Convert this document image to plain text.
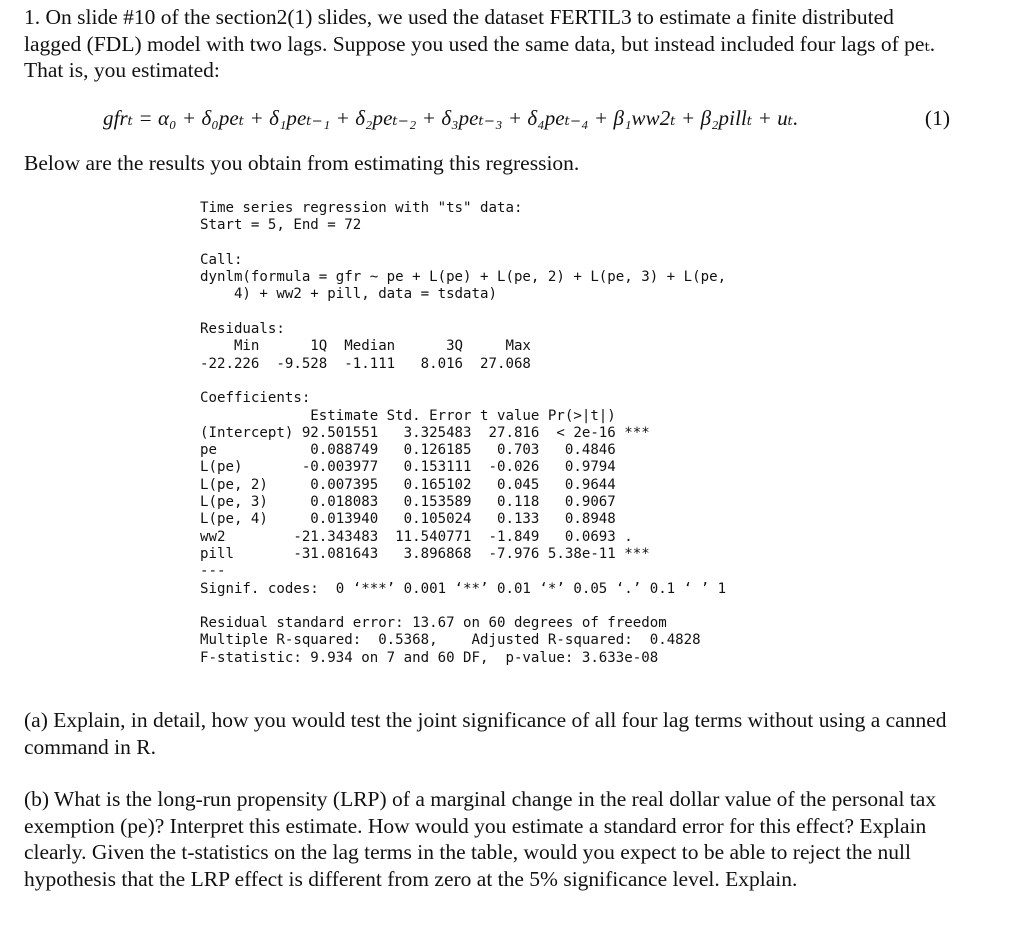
1. On slide #10 of the section2(1) slides, we used the dataset FERTIL3 to estimate a finite distributed lagged (FDL) model with two lags. Suppose you used the same data, but instead included four lags of peₜ. That is, you estimated:

gfrₜ = α₀ + δ₀peₜ + δ₁peₜ₋₁ + δ₂peₜ₋₂ + δ₃peₜ₋₃ + δ₄peₜ₋₄ + β₁ww2ₜ + β₂pillₜ + uₜ.	(1)

Below are the results you obtain from estimating this regression.

Time series regression with "ts" data:
Start = 5, End = 72
Call:
dynlm(formula = gfr ~ pe + L(pe) + L(pe, 2) + L(pe, 3) + L(pe,
4) + ww2 + pill, data = tsdata)
Residuals:
Min      1Q  Median      3Q     Max
-22.226  -9.528  -1.111   8.016  27.068
Coefficients:
Estimate Std. Error t value Pr(>|t|)
(Intercept) 92.501551   3.325483  27.816  < 2e-16 ***
pe           0.088749   0.126185   0.703   0.4846
L(pe)       -0.003977   0.153111  -0.026   0.9794
L(pe, 2)     0.007395   0.165102   0.045   0.9644
L(pe, 3)     0.018083   0.153589   0.118   0.9067
L(pe, 4)     0.013940   0.105024   0.133   0.8948
ww2        -21.343483  11.540771  -1.849   0.0693 .
pill       -31.081643   3.896868  -7.976 5.38e-11 ***
---
Signif. codes:  0 ‘***’ 0.001 ‘**’ 0.01 ‘*’ 0.05 ‘.’ 0.1 ‘ ’ 1
Residual standard error: 13.67 on 60 degrees of freedom
Multiple R-squared:  0.5368,	Adjusted R-squared:  0.4828
F-statistic: 9.934 on 7 and 60 DF,  p-value: 3.633e-08

(a) Explain, in detail, how you would test the joint significance of all four lag terms without using a canned command in R.

(b) What is the long-run propensity (LRP) of a marginal change in the real dollar value of the personal tax exemption (pe)? Interpret this estimate. How would you estimate a standard error for this effect? Explain clearly. Given the t-statistics on the lag terms in the table, would you expect to be able to reject the null hypothesis that the LRP effect is different from zero at the 5% significance level. Explain.
